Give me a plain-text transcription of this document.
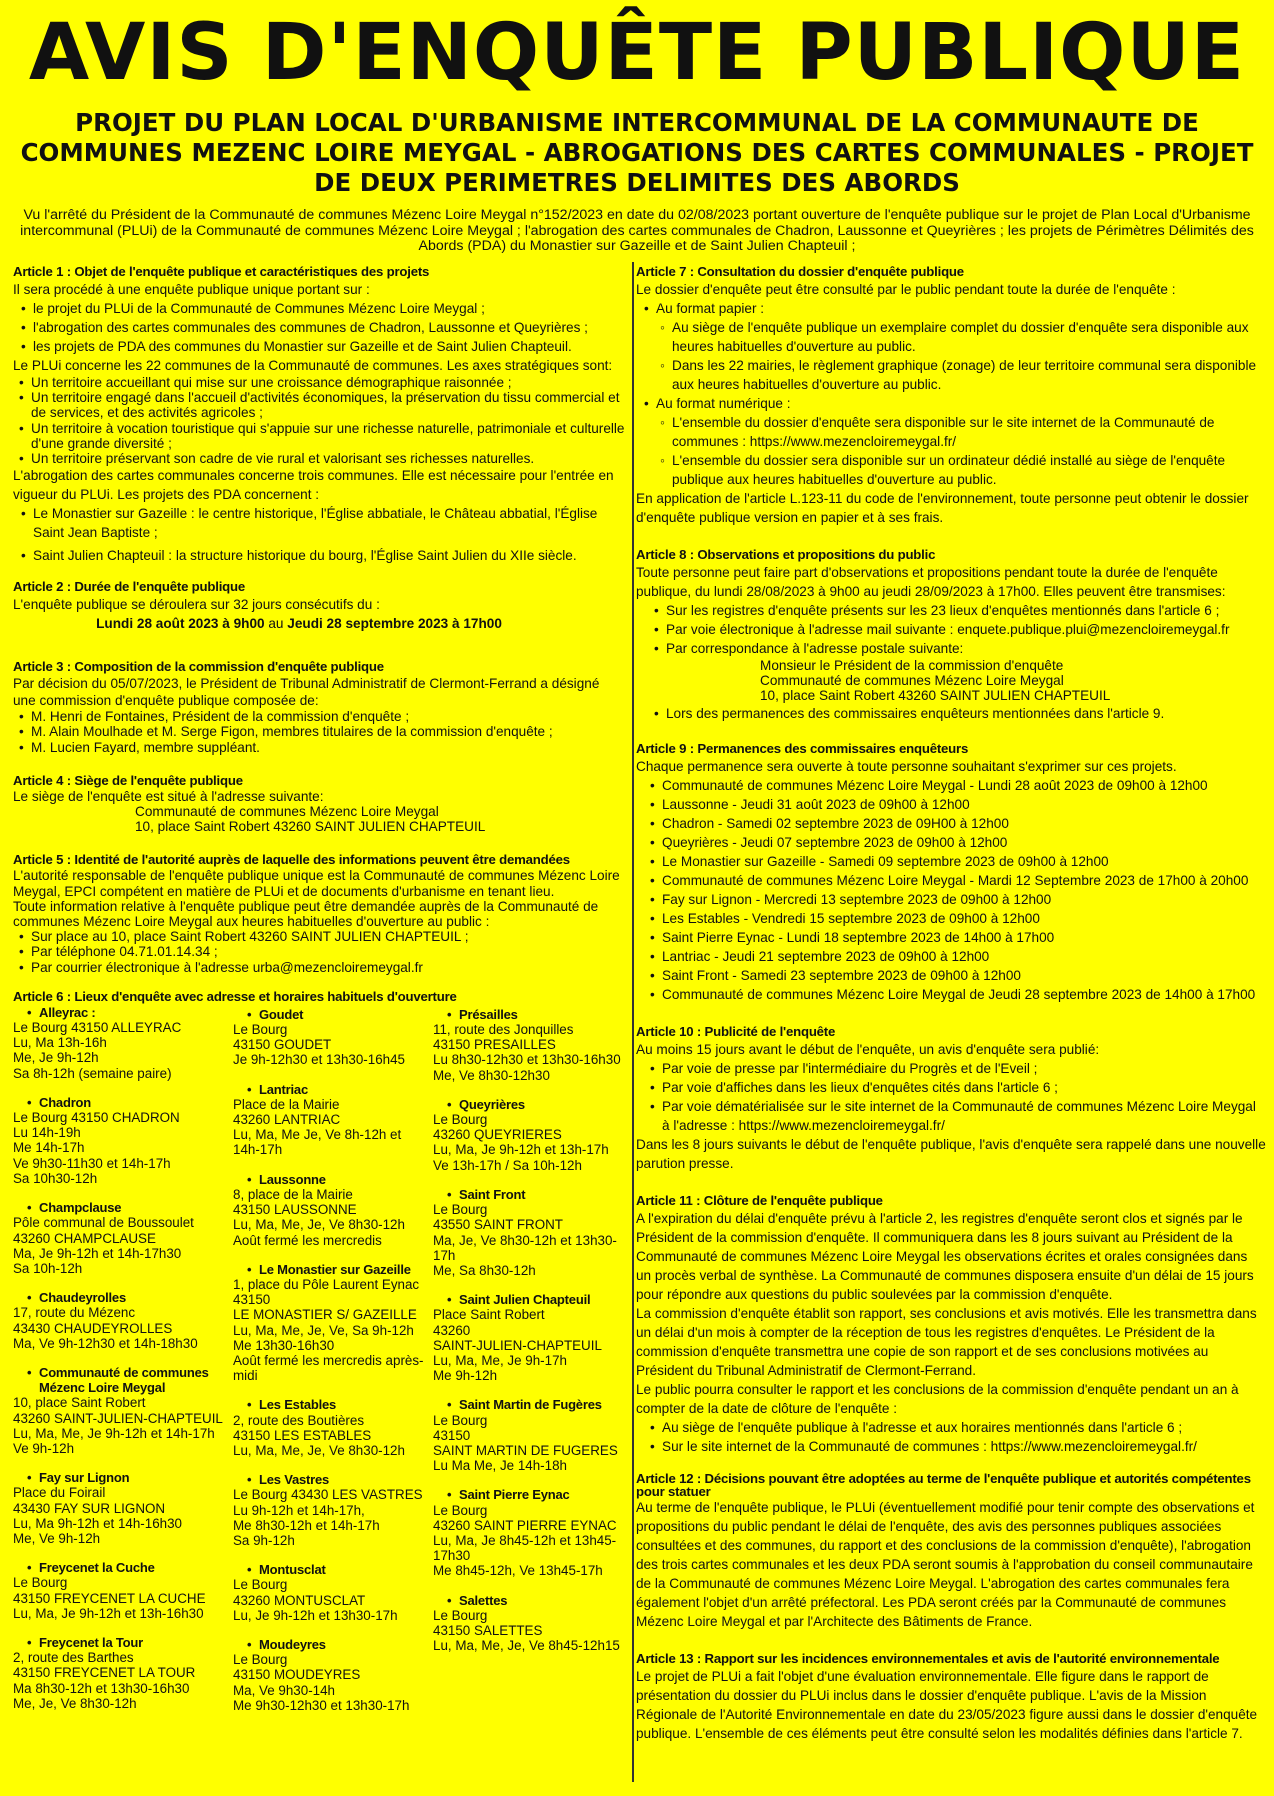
AVIS D'ENQUÊTE PUBLIQUE
PROJET DU PLAN LOCAL D'URBANISME INTERCOMMUNAL DE LA COMMUNAUTE DE COMMUNES MEZENC LOIRE MEYGAL - ABROGATIONS DES CARTES COMMUNALES - PROJET DE DEUX PERIMETRES DELIMITES DES ABORDS
Vu l'arrêté du Président de la Communauté de communes Mézenc Loire Meygal n°152/2023 en date du 02/08/2023 portant ouverture de l'enquête publique sur le projet de Plan Local d'Urbanisme intercommunal (PLUi) de la Communauté de communes Mézenc Loire Meygal ; l'abrogation des cartes communales de Chadron, Laussonne et Queyrières ; les projets de Périmètres Délimités des Abords (PDA) du Monastier sur Gazeille et de Saint Julien Chapteuil ;
Article 1 : Objet de l'enquête publique et caractéristiques des projets
Il sera procédé à une enquête publique unique portant sur :
• le projet du PLUi de la Communauté de Communes Mézenc Loire Meygal ;
• l'abrogation des cartes communales des communes de Chadron, Laussonne et Queyrières ;
• les projets de PDA des communes du Monastier sur Gazeille et de Saint Julien Chapteuil.
Le PLUi concerne les 22 communes de la Communauté de communes. Les axes stratégiques sont:
• Un territoire accueillant qui mise sur une croissance démographique raisonnée ;
• Un territoire engagé dans l'accueil d'activités économiques, la préservation du tissu commercial et de services, et des activités agricoles ;
• Un territoire à vocation touristique qui s'appuie sur une richesse naturelle, patrimoniale et culturelle d'une grande diversité ;
• Un territoire préservant son cadre de vie rural et valorisant ses richesses naturelles.
L'abrogation des cartes communales concerne trois communes. Elle est nécessaire pour l'entrée en vigueur du PLUi. Les projets des PDA concernent :
• Le Monastier sur Gazeille : le centre historique, l'Église abbatiale, le Château abbatial, l'Église Saint Jean Baptiste ;
• Saint Julien Chapteuil : la structure historique du bourg, l'Église Saint Julien du XIIe siècle.
Article 2 : Durée de l'enquête publique
L'enquête publique se déroulera sur 32 jours consécutifs du :
Lundi 28 août 2023 à 9h00 au Jeudi 28 septembre 2023 à 17h00
Article 3 : Composition de la commission d'enquête publique
Par décision du 05/07/2023, le Président de Tribunal Administratif de Clermont-Ferrand a désigné une commission d'enquête publique composée de:
• M. Henri de Fontaines, Président de la commission d'enquête ;
• M. Alain Moulhade et M. Serge Figon, membres titulaires de la commission d'enquête ;
• M. Lucien Fayard, membre suppléant.
Article 4 : Siège de l'enquête publique
Le siège de l'enquête est situé à l'adresse suivante:
Communauté de communes Mézenc Loire Meygal
10, place Saint Robert 43260 SAINT JULIEN CHAPTEUIL
Article 5 : Identité de l'autorité auprès de laquelle des informations peuvent être demandées
L'autorité responsable de l'enquête publique unique est la Communauté de communes Mézenc Loire Meygal, EPCI compétent en matière de PLUi et de documents d'urbanisme en tenant lieu.
Toute information relative à l'enquête publique peut être demandée auprès de la Communauté de communes Mézenc Loire Meygal aux heures habituelles d'ouverture au public :
• Sur place au 10, place Saint Robert 43260 SAINT JULIEN CHAPTEUIL ;
• Par téléphone 04.71.01.14.34 ;
• Par courrier électronique à l'adresse urba@mezencloiremeygal.fr
Article 6 : Lieux d'enquête avec adresse et horaires habituels d'ouverture
• Alleyrac :
Le Bourg 43150 ALLEYRAC
Lu, Ma 13h-16h
Me, Je 9h-12h
Sa 8h-12h (semaine paire)
• Chadron
Le Bourg 43150 CHADRON
Lu 14h-19h
Me 14h-17h
Ve 9h30-11h30 et 14h-17h
Sa 10h30-12h
• Champclause
Pôle communal de Boussoulet
43260 CHAMPCLAUSE
Ma, Je 9h-12h et 14h-17h30
Sa 10h-12h
• Chaudeyrolles
17, route du Mézenc
43430 CHAUDEYROLLES
Ma, Ve 9h-12h30 et 14h-18h30
• Communauté de communes Mézenc Loire Meygal
10, place Saint Robert
43260 SAINT-JULIEN-CHAPTEUIL
Lu, Ma, Me, Je 9h-12h et 14h-17h
Ve 9h-12h
• Fay sur Lignon
Place du Foirail
43430 FAY SUR LIGNON
Lu, Ma 9h-12h et 14h-16h30
Me, Ve 9h-12h
• Freycenet la Cuche
Le Bourg
43150 FREYCENET LA CUCHE
Lu, Ma, Je 9h-12h et 13h-16h30
• Freycenet la Tour
2, route des Barthes
43150 FREYCENET LA TOUR
Ma 8h30-12h et 13h30-16h30
Me, Je, Ve 8h30-12h
• Goudet
Le Bourg
43150 GOUDET
Je 9h-12h30 et 13h30-16h45
• Lantriac
Place de la Mairie
43260 LANTRIAC
Lu, Ma, Me Je, Ve 8h-12h et 14h-17h
• Laussonne
8, place de la Mairie
43150 LAUSSONNE
Lu, Ma, Me, Je, Ve 8h30-12h
Août fermé les mercredis
• Le Monastier sur Gazeille
1, place du Pôle Laurent Eynac
43150
LE MONASTIER S/ GAZEILLE
Lu, Ma, Me, Je, Ve, Sa 9h-12h
Me 13h30-16h30
Août fermé les mercredis après-midi
• Les Estables
2, route des Boutières
43150 LES ESTABLES
Lu, Ma, Me, Je, Ve 8h30-12h
• Les Vastres
Le Bourg 43430 LES VASTRES
Lu 9h-12h et 14h-17h,
Me 8h30-12h et 14h-17h
Sa 9h-12h
• Montusclat
Le Bourg
43260 MONTUSCLAT
Lu, Je 9h-12h et 13h30-17h
• Moudeyres
Le Bourg
43150 MOUDEYRES
Ma, Ve 9h30-14h
Me 9h30-12h30 et 13h30-17h
• Présailles
11, route des Jonquilles
43150 PRESAILLES
Lu 8h30-12h30 et 13h30-16h30
Me, Ve 8h30-12h30
• Queyrières
Le Bourg
43260 QUEYRIERES
Lu, Ma, Je 9h-12h et 13h-17h
Ve 13h-17h / Sa 10h-12h
• Saint Front
Le Bourg
43550 SAINT FRONT
Ma, Je, Ve 8h30-12h et 13h30-17h
Me, Sa 8h30-12h
• Saint Julien Chapteuil
Place Saint Robert
43260
SAINT-JULIEN-CHAPTEUIL
Lu, Ma, Me, Je 9h-17h
Me 9h-12h
• Saint Martin de Fugères
Le Bourg
43150
SAINT MARTIN DE FUGERES
Lu Ma Me, Je 14h-18h
• Saint Pierre Eynac
Le Bourg
43260 SAINT PIERRE EYNAC
Lu, Ma, Je 8h45-12h et 13h45-17h30
Me 8h45-12h, Ve 13h45-17h
• Salettes
Le Bourg
43150 SALETTES
Lu, Ma, Me, Je, Ve 8h45-12h15
Article 7 : Consultation du dossier d'enquête publique
Le dossier d'enquête peut être consulté par le public pendant toute la durée de l'enquête :
• Au format papier :
◦ Au siège de l'enquête publique un exemplaire complet du dossier d'enquête sera disponible aux heures habituelles d'ouverture au public.
◦ Dans les 22 mairies, le règlement graphique (zonage) de leur territoire communal sera disponible aux heures habituelles d'ouverture au public.
• Au format numérique :
◦ L'ensemble du dossier d'enquête sera disponible sur le site internet de la Communauté de communes : https://www.mezencloiremeygal.fr/
◦ L'ensemble du dossier sera disponible sur un ordinateur dédié installé au siège de l'enquête publique aux heures habituelles d'ouverture au public.
En application de l'article L.123-11 du code de l'environnement, toute personne peut obtenir le dossier d'enquête publique version en papier et à ses frais.
Article 8 : Observations et propositions du public
Toute personne peut faire part d'observations et propositions pendant toute la durée de l'enquête publique, du lundi 28/08/2023 à 9h00 au jeudi 28/09/2023 à 17h00. Elles peuvent être transmises:
• Sur les registres d'enquête présents sur les 23 lieux d'enquêtes mentionnés dans l'article 6 ;
• Par voie électronique à l'adresse mail suivante : enquete.publique.plui@mezencloiremeygal.fr
• Par correspondance à l'adresse postale suivante:
Monsieur le Président de la commission d'enquête
Communauté de communes Mézenc Loire Meygal
10, place Saint Robert 43260 SAINT JULIEN CHAPTEUIL
• Lors des permanences des commissaires enquêteurs mentionnées dans l'article 9.
Article 9 : Permanences des commissaires enquêteurs
Chaque permanence sera ouverte à toute personne souhaitant s'exprimer sur ces projets.
• Communauté de communes Mézenc Loire Meygal - Lundi 28 août 2023 de 09h00 à 12h00
• Laussonne - Jeudi 31 août 2023 de 09h00 à 12h00
• Chadron - Samedi 02 septembre 2023 de 09H00 à 12h00
• Queyrières - Jeudi 07 septembre 2023 de 09h00 à 12h00
• Le Monastier sur Gazeille - Samedi 09 septembre 2023 de 09h00 à 12h00
• Communauté de communes Mézenc Loire Meygal - Mardi 12 Septembre 2023 de 17h00 à 20h00
• Fay sur Lignon - Mercredi 13 septembre 2023 de 09h00 à 12h00
• Les Estables - Vendredi 15 septembre 2023 de 09h00 à 12h00
• Saint Pierre Eynac - Lundi 18 septembre 2023 de 14h00 à 17h00
• Lantriac - Jeudi 21 septembre 2023 de 09h00 à 12h00
• Saint Front - Samedi 23 septembre 2023 de 09h00 à 12h00
• Communauté de communes Mézenc Loire Meygal de Jeudi 28 septembre 2023 de 14h00 à 17h00
Article 10 : Publicité de l'enquête
Au moins 15 jours avant le début de l'enquête, un avis d'enquête sera publié:
• Par voie de presse par l'intermédiaire du Progrès et de l'Eveil ;
• Par voie d'affiches dans les lieux d'enquêtes cités dans l'article 6 ;
• Par voie dématérialisée sur le site internet de la Communauté de communes Mézenc Loire Meygal à l'adresse : https://www.mezencloiremeygal.fr/
Dans les 8 jours suivants le début de l'enquête publique, l'avis d'enquête sera rappelé dans une nouvelle parution presse.
Article 11 : Clôture de l'enquête publique
A l'expiration du délai d'enquête prévu à l'article 2, les registres d'enquête seront clos et signés par le Président de la commission d'enquête. Il communiquera dans les 8 jours suivant au Président de la Communauté de communes Mézenc Loire Meygal les observations écrites et orales consignées dans un procès verbal de synthèse. La Communauté de communes disposera ensuite d'un délai de 15 jours pour répondre aux questions du public soulevées par la commission d'enquête.
La commission d'enquête établit son rapport, ses conclusions et avis motivés. Elle les transmettra dans un délai d'un mois à compter de la réception de tous les registres d'enquêtes. Le Président de la commission d'enquête transmettra une copie de son rapport et de ses conclusions motivées au Président du Tribunal Administratif de Clermont-Ferrand.
Le public pourra consulter le rapport et les conclusions de la commission d'enquête pendant un an à compter de la date de clôture de l'enquête :
• Au siège de l'enquête publique à l'adresse et aux horaires mentionnés dans l'article 6 ;
• Sur le site internet de la Communauté de communes : https://www.mezencloiremeygal.fr/
Article 12 : Décisions pouvant être adoptées au terme de l'enquête publique et autorités compétentes pour statuer
Au terme de l'enquête publique, le PLUi (éventuellement modifié pour tenir compte des observations et propositions du public pendant le délai de l'enquête, des avis des personnes publiques associées consultées et des communes, du rapport et des conclusions de la commission d'enquête), l'abrogation des trois cartes communales et les deux PDA seront soumis à l'approbation du conseil communautaire de la Communauté de communes Mézenc Loire Meygal. L'abrogation des cartes communales fera également l'objet d'un arrêté préfectoral. Les PDA seront créés par la Communauté de communes Mézenc Loire Meygal et par l'Architecte des Bâtiments de France.
Article 13 : Rapport sur les incidences environnementales et avis de l'autorité environnementale
Le projet de PLUi a fait l'objet d'une évaluation environnementale. Elle figure dans le rapport de présentation du dossier du PLUi inclus dans le dossier d'enquête publique. L'avis de la Mission Régionale de l'Autorité Environnementale en date du 23/05/2023 figure aussi dans le dossier d'enquête publique. L'ensemble de ces éléments peut être consulté selon les modalités définies dans l'article 7.
